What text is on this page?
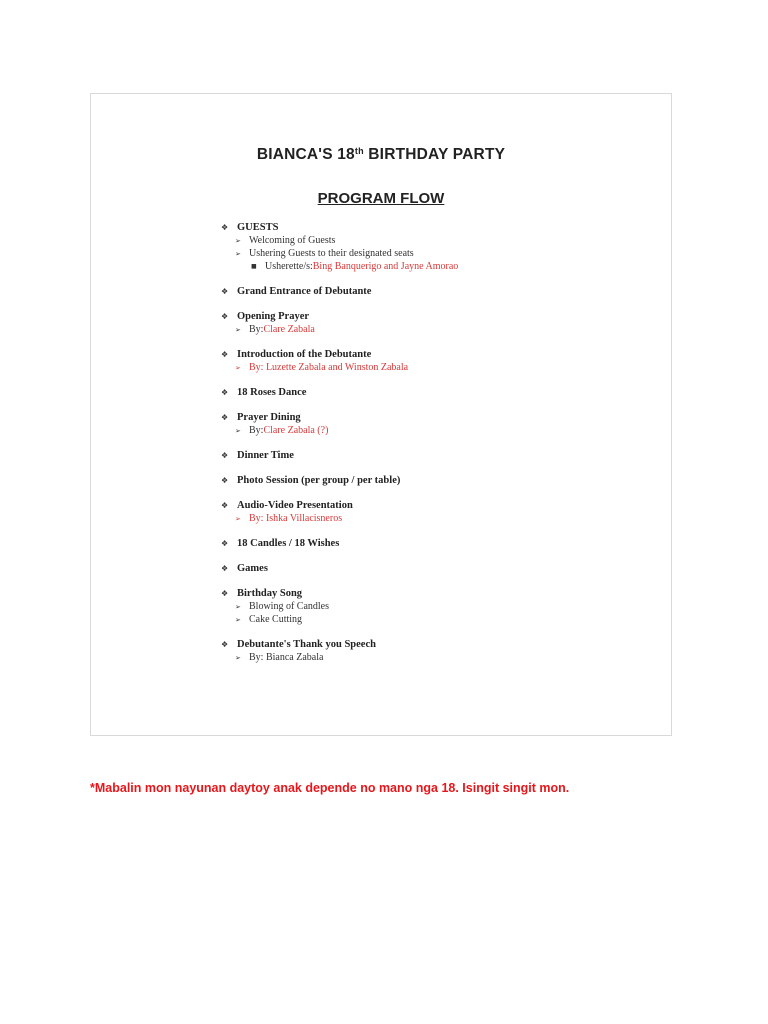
BIANCA'S 18th BIRTHDAY PARTY
PROGRAM FLOW
❖ GUESTS
➢ Welcoming of Guests
➢ Ushering Guests to their designated seats
■ Usherette/s: Bing Banquerigo and Jayne Amorao
❖ Grand Entrance of Debutante
❖ Opening Prayer
➢ By: Clare Zabala
❖ Introduction of the Debutante
➢ By: Luzette Zabala and Winston Zabala
❖ 18 Roses Dance
❖ Prayer Dining
➢ By: Clare Zabala (?)
❖ Dinner Time
❖ Photo Session (per group / per table)
❖ Audio-Video Presentation
➢ By: Ishka Villacisneros
❖ 18 Candles / 18 Wishes
❖ Games
❖ Birthday Song
➢ Blowing of Candles
➢ Cake Cutting
❖ Debutante's Thank you Speech
➢ By: Bianca Zabala
*Mabalin mon nayunan daytoy anak depende no mano nga 18. Isingit singit mon.
